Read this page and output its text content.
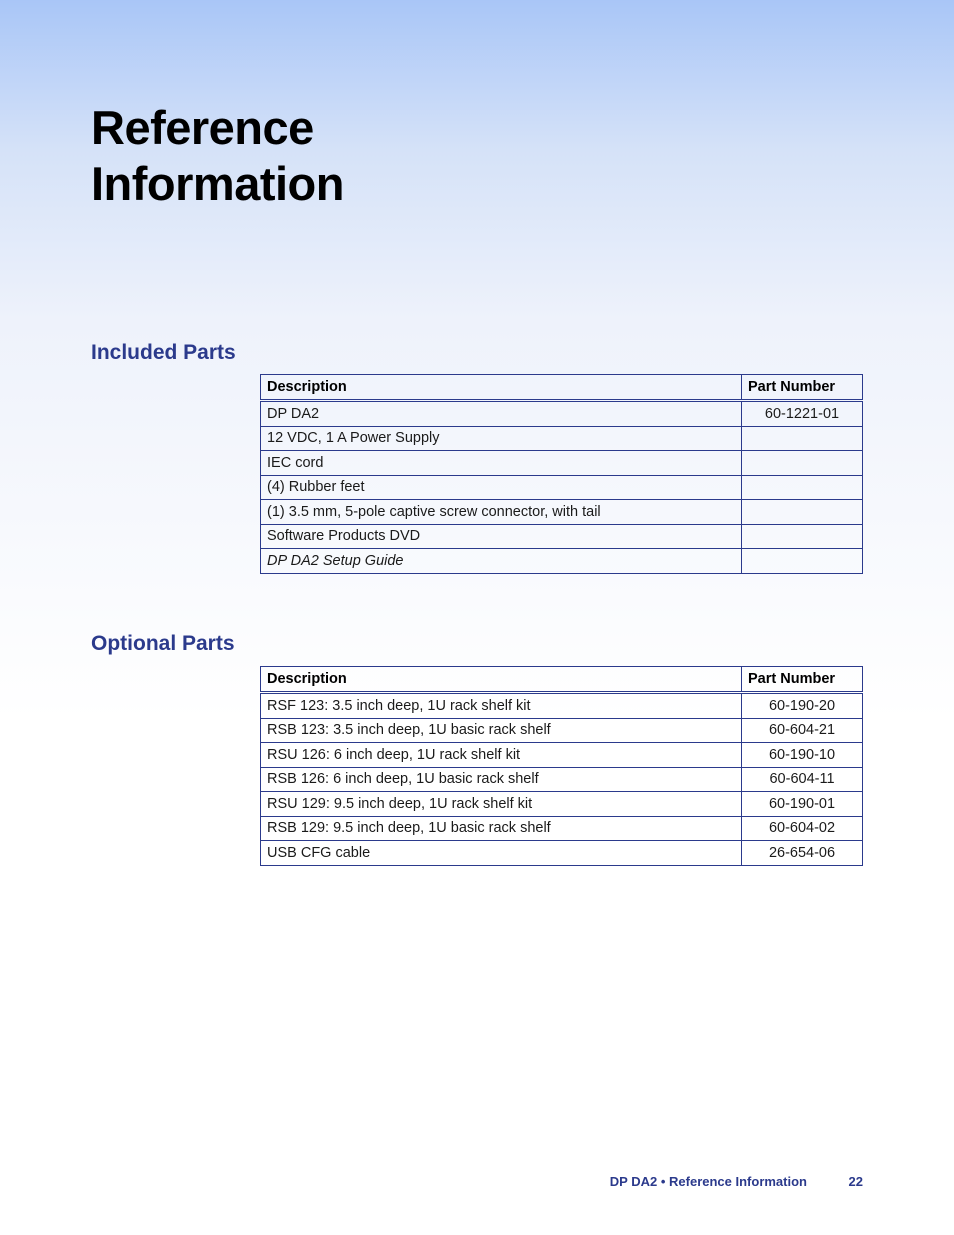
Reference
Information
Included Parts
Description	Part Number
DP DA2	60-1221-01
12 VDC, 1 A Power Supply	
IEC cord	
(4) Rubber feet	
(1) 3.5 mm, 5-pole captive screw connector, with tail	
Software Products DVD	
DP DA2 Setup Guide	
Optional Parts
Description	Part Number
RSF 123: 3.5 inch deep, 1U rack shelf kit	60-190-20
RSB 123: 3.5 inch deep, 1U basic rack shelf	60-604-21
RSU 126: 6 inch deep, 1U rack shelf kit	60-190-10
RSB 126: 6 inch deep, 1U basic rack shelf	60-604-11
RSU 129: 9.5 inch deep, 1U rack shelf kit	60-190-01
RSB 129: 9.5 inch deep, 1U basic rack shelf	60-604-02
USB CFG cable	26-654-06
DP DA2 • Reference Information	22
